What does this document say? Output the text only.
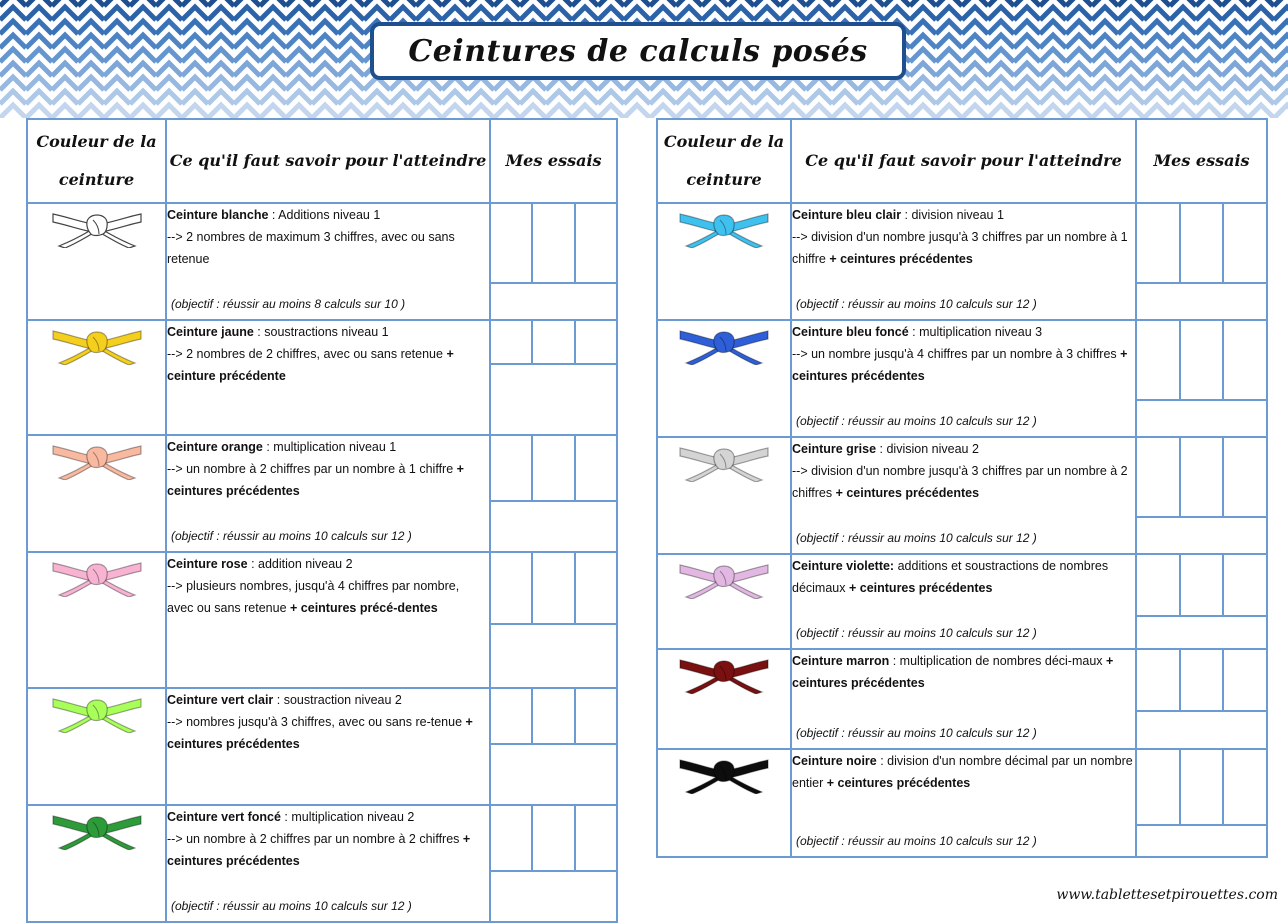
Ceintures de calculs posés
Couleur de la ceinture	Ce qu'il faut savoir pour l'atteindre	Mes essais

	Ceinture blanche : Additions niveau 1
--> 2 nombres de maximum 3 chiffres, avec ou sans retenue
(objectif : réussir au moins 8 calculs sur 10 )	

	Ceinture jaune : soustractions niveau 1
--> 2 nombres de 2 chiffres, avec ou sans retenue + ceinture précédente	

	Ceinture orange : multiplication niveau 1
--> un nombre à 2 chiffres par un nombre à 1 chiffre + ceintures précédentes
(objectif : réussir au moins 10 calculs sur 12 )	

	Ceinture rose : addition niveau 2
--> plusieurs nombres, jusqu'à 4 chiffres par nombre, avec ou sans retenue + ceintures précé-dentes	

	Ceinture vert clair : soustraction niveau 2
--> nombres jusqu'à 3 chiffres, avec ou sans re-tenue + ceintures précédentes	

	Ceinture vert foncé : multiplication niveau 2
--> un nombre à 2 chiffres par un nombre à 2 chiffres + ceintures précédentes
(objectif : réussir au moins 10 calculs sur 12 )	

Couleur de la ceinture	Ce qu'il faut savoir pour l'atteindre	Mes essais

	Ceinture bleu clair : division niveau 1
--> division d'un nombre jusqu'à 3 chiffres par un nombre à 1 chiffre + ceintures précédentes
(objectif : réussir au moins 10 calculs sur 12 )	

	Ceinture bleu foncé : multiplication niveau 3
--> un nombre jusqu'à 4 chiffres par un nombre à 3 chiffres + ceintures précédentes
(objectif : réussir au moins 10 calculs sur 12 )	

	Ceinture grise : division niveau 2
--> division d'un nombre jusqu'à 3 chiffres par un nombre à 2 chiffres + ceintures précédentes
(objectif : réussir au moins 10 calculs sur 12 )	

	Ceinture violette: additions et soustractions de nombres décimaux + ceintures précédentes
(objectif : réussir au moins 10 calculs sur 12 )	

	Ceinture marron : multiplication de nombres déci-maux + ceintures précédentes
(objectif : réussir au moins 10 calculs sur 12 )	

	Ceinture noire : division d'un nombre décimal par un nombre entier + ceintures précédentes
(objectif : réussir au moins 10 calculs sur 12 )	

www.tablettesetpirouettes.com
